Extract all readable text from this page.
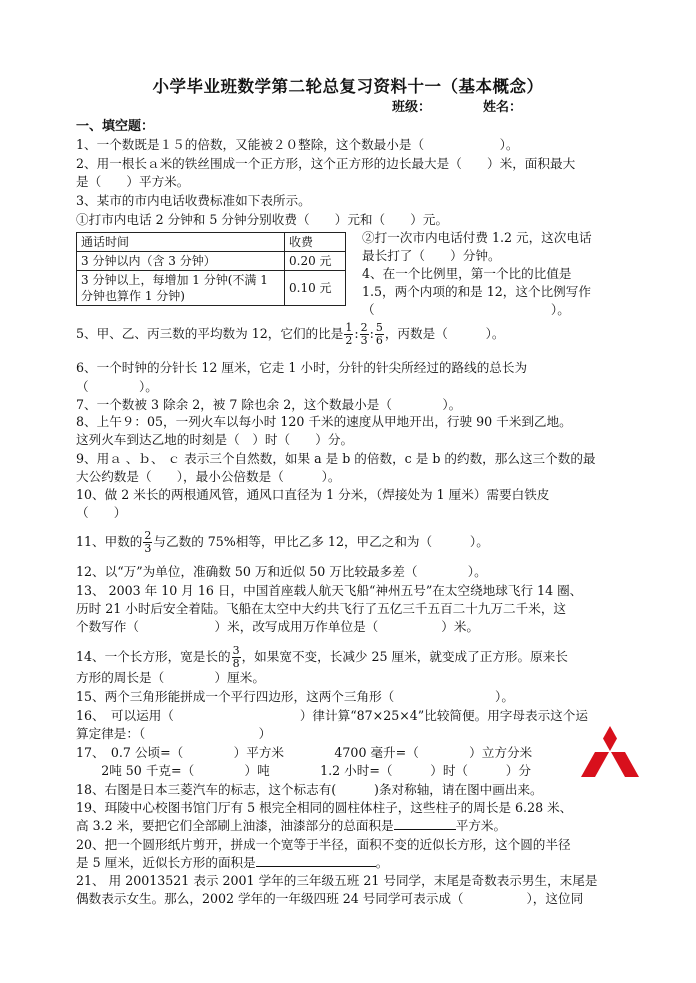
小学毕业班数学第二轮总复习资料十一（基本概念）
班级：	姓名：
一、填空题：
1、一个数既是１５的倍数，又能被２０整除，这个数最小是（　　　　　　）。
2、用一根长ａ米的铁丝围成一个正方形，这个正方形的边长最大是（　　）米，面积最大
是（　　）平方米。
3、某市的市内电话收费标准如下表所示。
①打市内电话 2 分钟和 5 分钟分别收费（　　）元和（　　）元。
通话时间	收费
3 分钟以内（含 3 分钟）	0.20 元
3 分钟以上，每增加 1 分钟(不满 1 分钟也算作 1 分钟)	0.10 元
②打一次市内电话付费 1.2 元，这次电话
最长打了（　　）分钟。
4、在一个比例里，第一个比的比值是
1.5，两个内项的和是 12，这个比例写作
（　　　　　　　　　　　　　　）。
5、甲、乙、丙三数的平均数为 12，它们的比是 $\frac{1}{2}$ : $\frac{2}{3}$ : $\frac{5}{6}$ ，丙数是（　　　）。
6、一个时钟的分针长 12 厘米，它走 1 小时，分针的针尖所经过的路线的总长为
（　　　　）。
7、一个数被 3 除余 2，被 7 除也余 2，这个数最小是（　　　　）。
8、上午９：05，一列火车以每小时 120 千米的速度从甲地开出，行驶 90 千米到乙地。
这列火车到达乙地的时刻是（　）时（　　）分。
9、用ａ 、ｂ、 ｃ 表示三个自然数，如果 a 是 b 的倍数，c 是 b 的约数，那么这三个数的最
大公约数是（　　），最小公倍数是（　　　）。
10、做 2 米长的两根通风管，通风口直径为 1 分米，（焊接处为 1 厘米）需要白铁皮
（　　）
11、甲数的 $\frac{2}{3}$ 与乙数的 75%相等，甲比乙多 12，甲乙之和为（　　　）。
12、以“万”为单位，准确数 50 万和近似 50 万比较最多差（　　　　）。
13、 2003 年 10 月 16 日，中国首座载人航天飞船“神州五号”在太空绕地球飞行 14 圈、
历时 21 小时后安全着陆。飞船在太空中大约共飞行了五亿三千五百二十九万二千米，这
个数写作（　　　　　　）米，改写成用万作单位是（　　　　　）米。
14、一个长方形，宽是长的 $\frac{3}{8}$ ，如果宽不变，长减少 25 厘米，就变成了正方形。原来长
方形的周长是（　　　　）厘米。
15、两个三角形能拼成一个平行四边形，这两个三角形（　　　　　　　　）。
16、　可以运用（　　　　　　　　　　）律计算“87×25×4”比较简便。用字母表示这个运
算定律是：（　　　　　　　　　）
17、　0.7 公顷=（　　　　）平方米　　　　4700 毫升=（　　　　）立方分米
　　2吨 50 千克=（　　　　）吨　　　　1.2 小时=（　　　）时（　　　）分
18、右图是日本三菱汽车的标志，这个标志有(　　　)条对称轴，请在图中画出来。
19、珥陵中心校图书馆门厅有 5 根完全相同的圆柱体柱子，这些柱子的周长是 6.28 米、
高 3.2 米，要把它们全部刷上油漆，油漆部分的总面积是	平方米。
20、把一个圆形纸片剪开，拼成一个宽等于半径，面积不变的近似长方形，这个圆的半径
是 5 厘米，近似长方形的面积是	。
21、 用 20013521 表示 2001 学年的三年级五班 21 号同学，末尾是奇数表示男生，末尾是
偶数表示女生。那么，2002 学年的一年级四班 24 号同学可表示成（　　　　　），这位同
